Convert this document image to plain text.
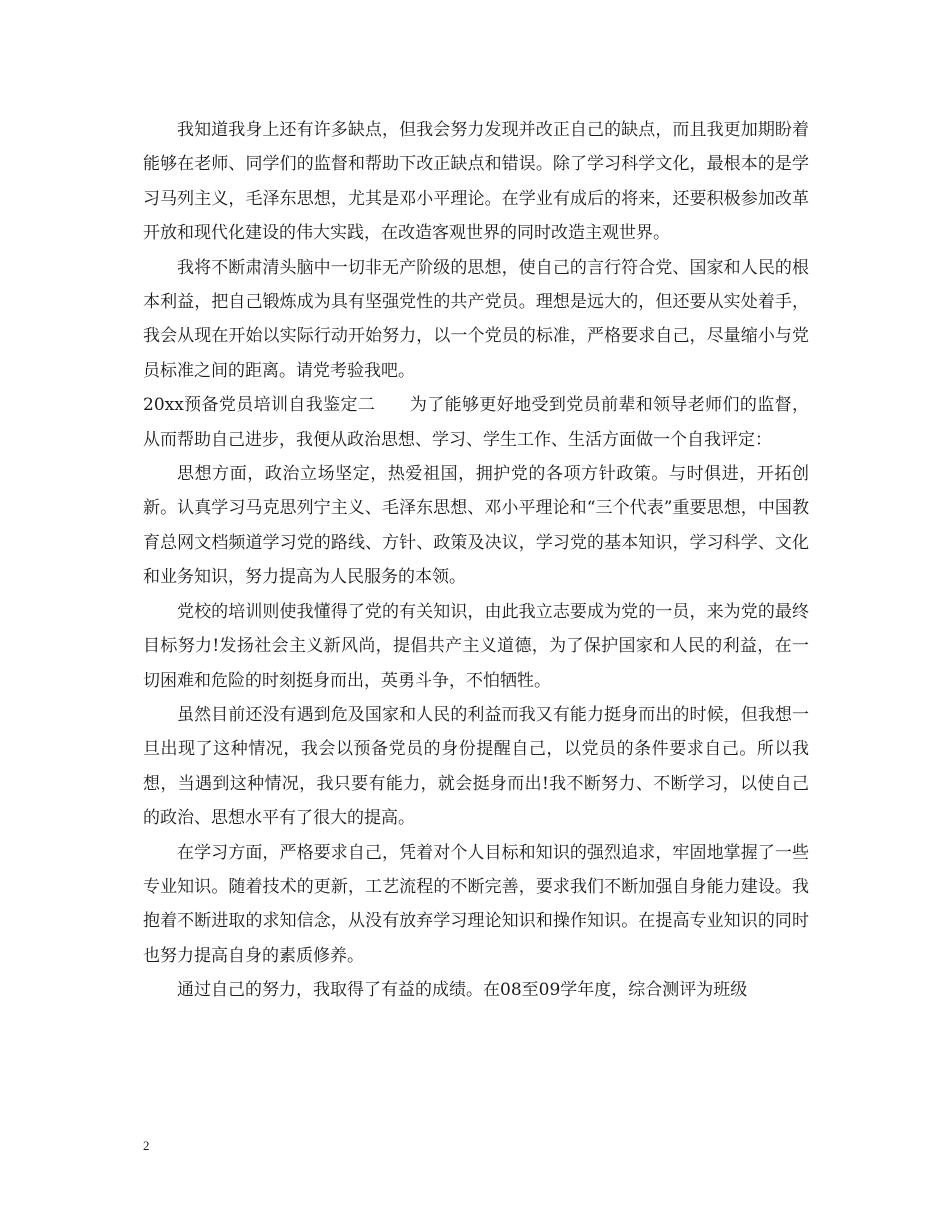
我知道我身上还有许多缺点，但我会努力发现并改正自己的缺点，而且我更加期盼着能够在老师、同学们的监督和帮助下改正缺点和错误。除了学习科学文化，最根本的是学习马列主义，毛泽东思想，尤其是邓小平理论。在学业有成后的将来，还要积极参加改革开放和现代化建设的伟大实践，在改造客观世界的同时改造主观世界。

我将不断肃清头脑中一切非无产阶级的思想，使自己的言行符合党、国家和人民的根本利益，把自己锻炼成为具有坚强党性的共产党员。理想是远大的，但还要从实处着手，我会从现在开始以实际行动开始努力，以一个党员的标准，严格要求自己，尽量缩小与党员标准之间的距离。请党考验我吧。

20xx预备党员培训自我鉴定二　　为了能够更好地受到党员前辈和领导老师们的监督，从而帮助自己进步，我便从政治思想、学习、学生工作、生活方面做一个自我评定：

思想方面，政治立场坚定，热爱祖国，拥护党的各项方针政策。与时俱进，开拓创新。认真学习马克思列宁主义、毛泽东思想、邓小平理论和“三个代表”重要思想，中国教育总网文档频道学习党的路线、方针、政策及决议，学习党的基本知识，学习科学、文化和业务知识，努力提高为人民服务的本领。

党校的培训则使我懂得了党的有关知识，由此我立志要成为党的一员，来为党的最终目标努力!发扬社会主义新风尚，提倡共产主义道德，为了保护国家和人民的利益，在一切困难和危险的时刻挺身而出，英勇斗争，不怕牺牲。

虽然目前还没有遇到危及国家和人民的利益而我又有能力挺身而出的时候，但我想一旦出现了这种情况，我会以预备党员的身份提醒自己，以党员的条件要求自己。所以我想，当遇到这种情况，我只要有能力，就会挺身而出!我不断努力、不断学习，以使自己的政治、思想水平有了很大的提高。

在学习方面，严格要求自己，凭着对个人目标和知识的强烈追求，牢固地掌握了一些专业知识。随着技术的更新，工艺流程的不断完善，要求我们不断加强自身能力建设。我抱着不断进取的求知信念，从没有放弃学习理论知识和操作知识。在提高专业知识的同时也努力提高自身的素质修养。

通过自己的努力，我取得了有益的成绩。在08至09学年度，综合测评为班级

2
